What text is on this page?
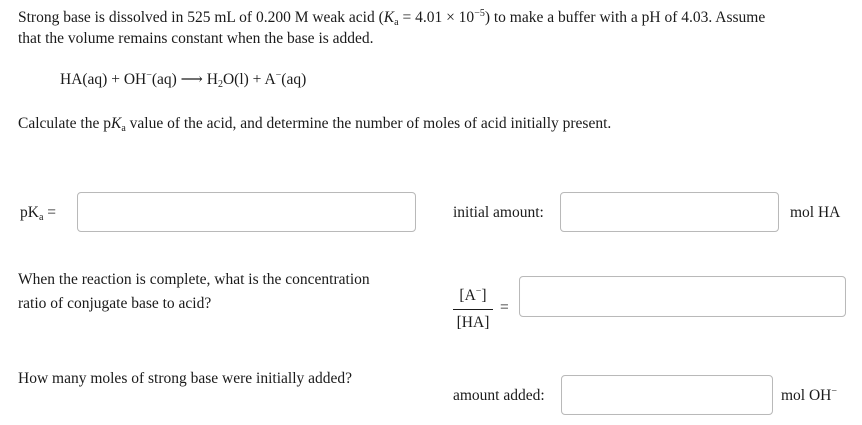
Strong base is dissolved in 525 mL of 0.200 M weak acid $(K_a = 4.01 \times 10^{-5})$ to make a buffer with a pH of 4.03. Assume
that the volume remains constant when the base is added.
HA(aq) + OH−(aq) ⟶ $H_2O(l) + A^-(aq)$
Calculate the $pK_a$ value of the acid, and determine the number of moles of acid initially present.
$pK_a$ =	initial amount:	mol HA
When the reaction is complete, what is the concentration
ratio of conjugate base to acid?	[A−]
[HA]
=
How many moles of strong base were initially added?
amount added:	mol OH−
